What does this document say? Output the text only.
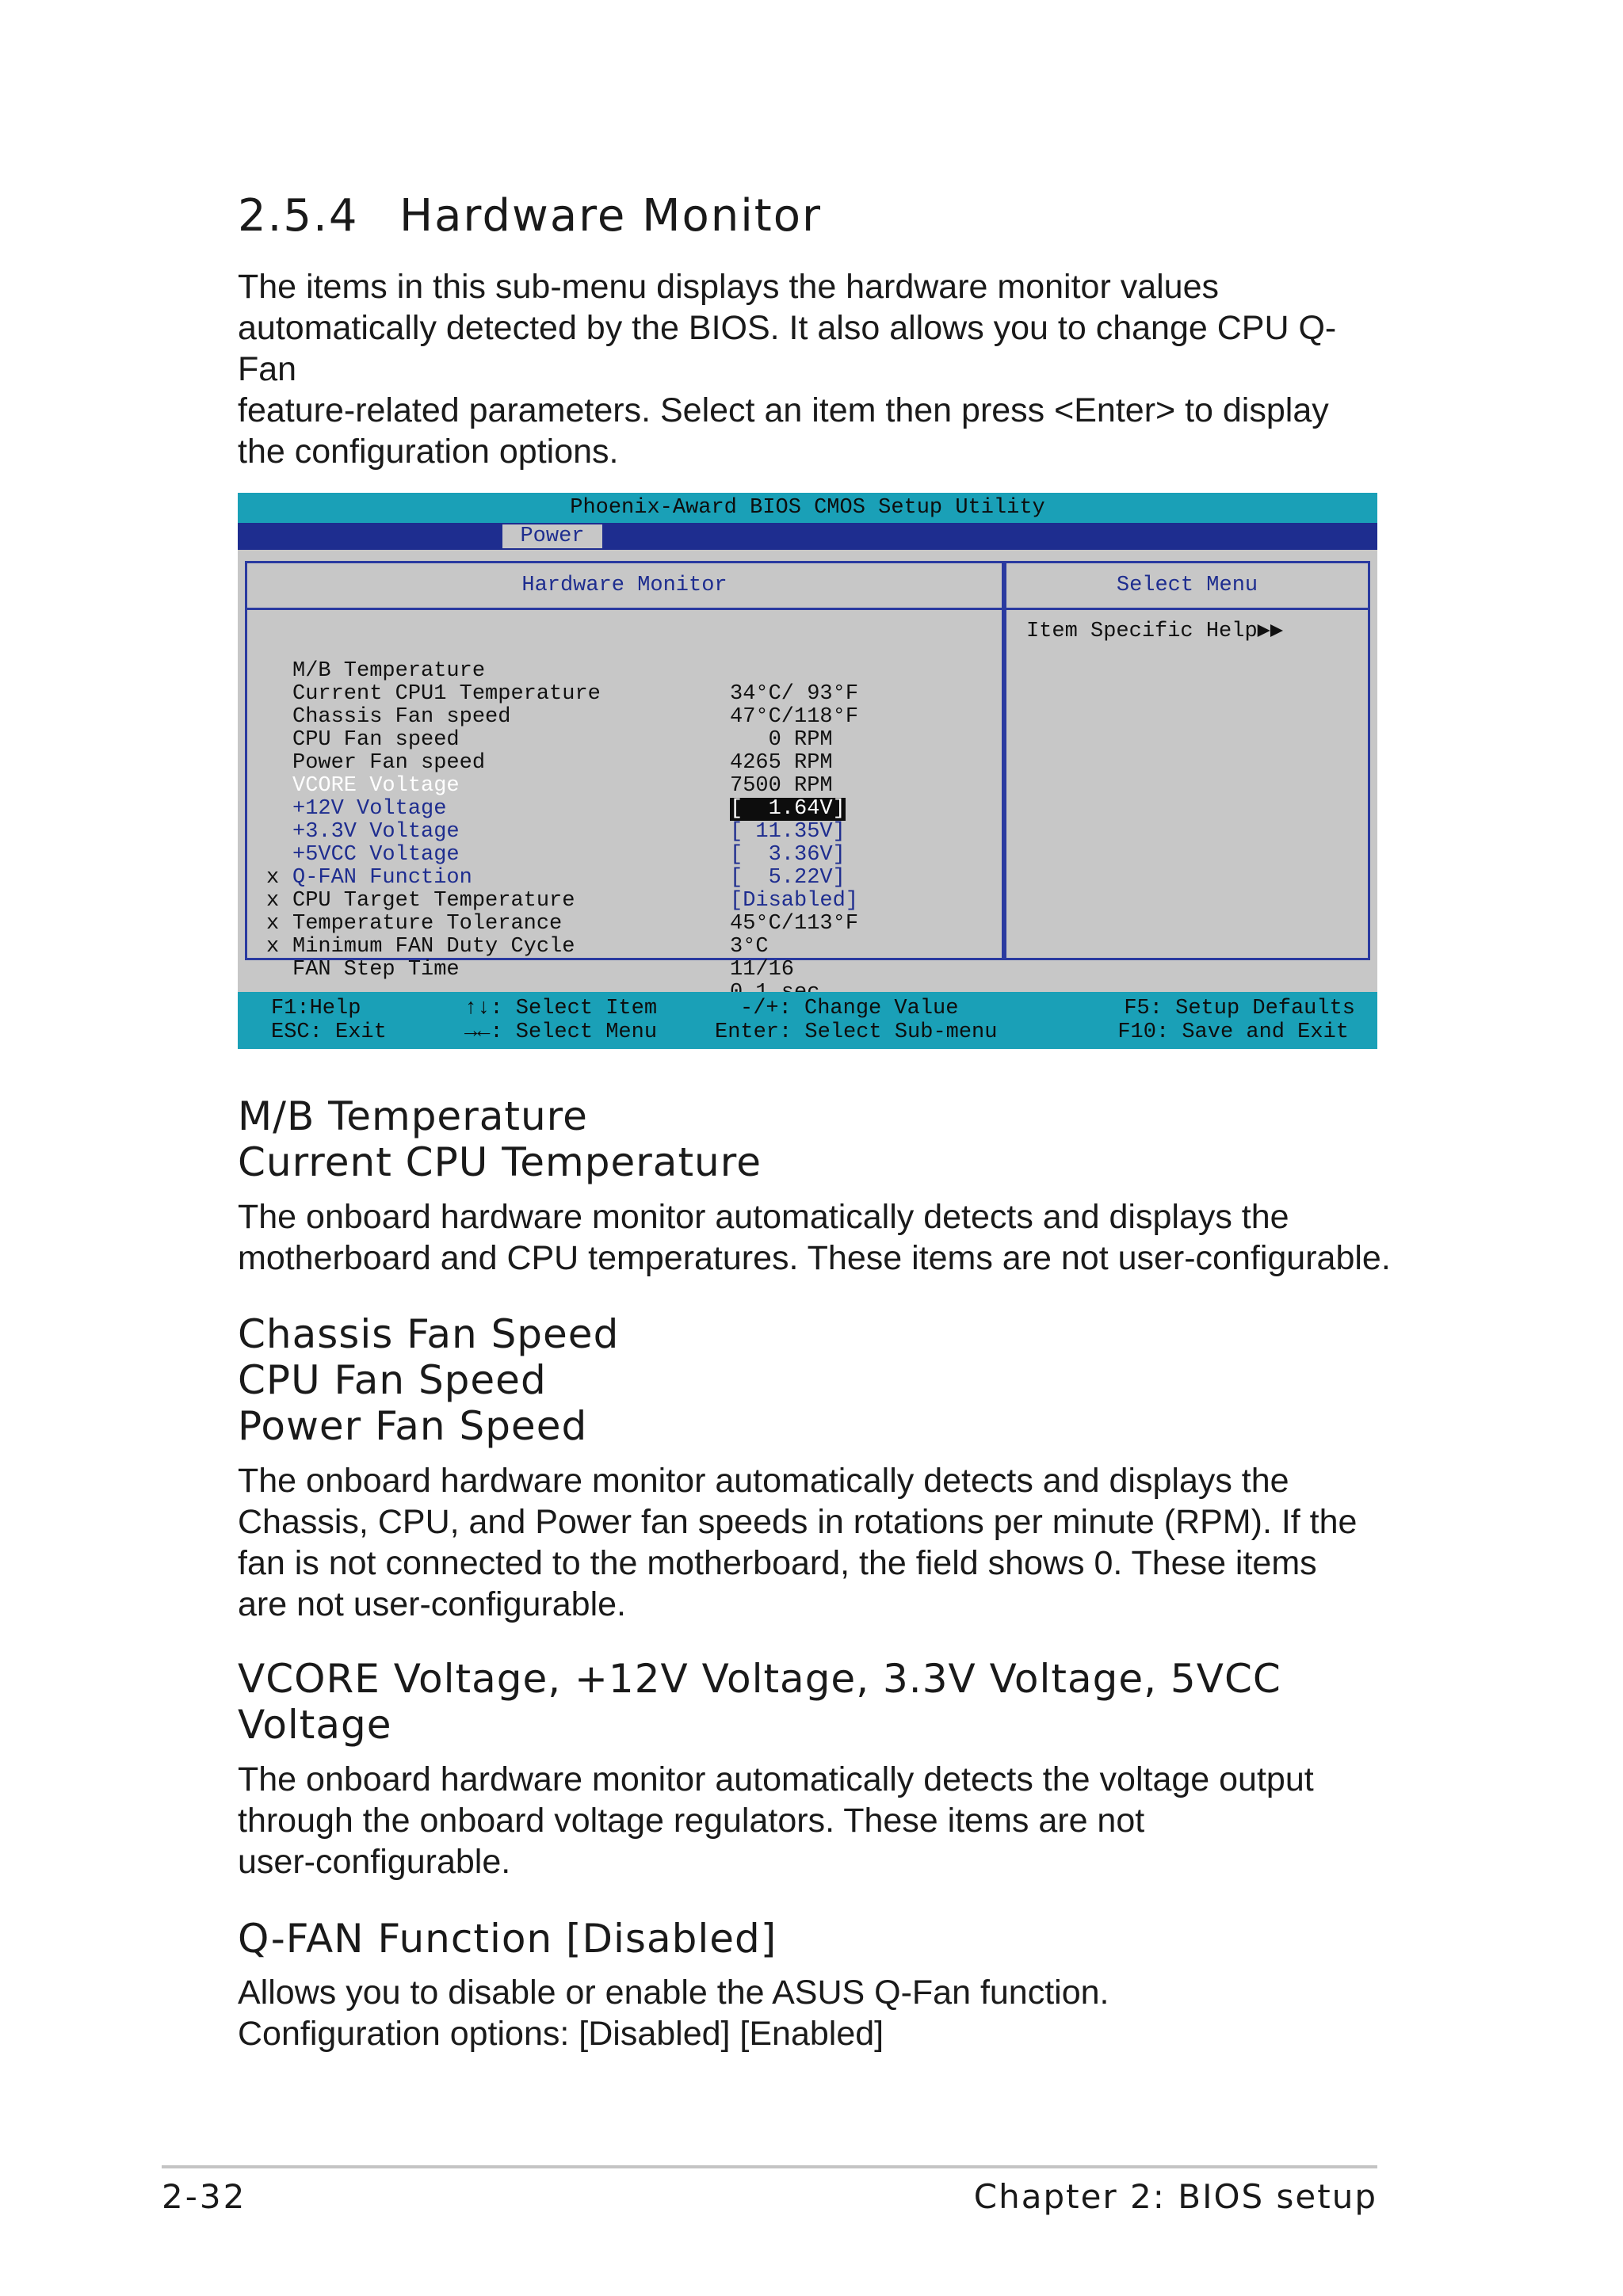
2.5.4 Hardware Monitor

The items in this sub-menu displays the hardware monitor values
automatically detected by the BIOS. It also allows you to change CPU Q-Fan
feature-related parameters. Select an item then press <Enter> to display
the configuration options.

Phoenix-Award BIOS CMOS Setup Utility
Power
Hardware Monitor

M/B Temperature

34°C/ 93°F

Current CPU1 Temperature

47°C/118°F

Chassis Fan speed

0 RPM

CPU Fan speed

4265 RPM

Power Fan speed

7500 RPM

VCORE Voltage

[  1.64V]

+12V Voltage

[ 11.35V]

+3.3V Voltage

[  3.36V]

+5VCC Voltage

[  5.22V]

Q-FAN Function

[Disabled]

x

CPU Target Temperature

45°C/113°F

x

Temperature Tolerance

3°C

x

Minimum FAN Duty Cycle

11/16

x

FAN Step Time

Select Menu
Item Specific Help▶▶
F1:Help
ESC: Exit
↑↓: Select Item
→←: Select Menu
-/+: Change Value
Enter: Select Sub-menu
F5: Setup Defaults
F10: Save and Exit
M/B Temperature
Current CPU Temperature

The onboard hardware monitor automatically detects and displays the
motherboard and CPU temperatures. These items are not user-configurable.

Chassis Fan Speed
CPU Fan Speed
Power Fan Speed

The onboard hardware monitor automatically detects and displays the
Chassis, CPU, and Power fan speeds in rotations per minute (RPM). If the
fan is not connected to the motherboard, the field shows 0. These items
are not user-configurable.

VCORE Voltage, +12V Voltage, 3.3V Voltage, 5VCC
Voltage

The onboard hardware monitor automatically detects the voltage output
through the onboard voltage regulators. These items are not
user-configurable.

Q-FAN Function [Disabled]

Allows you to disable or enable the ASUS Q-Fan function.
Configuration options: [Disabled] [Enabled]

2-32	Chapter 2: BIOS setup
